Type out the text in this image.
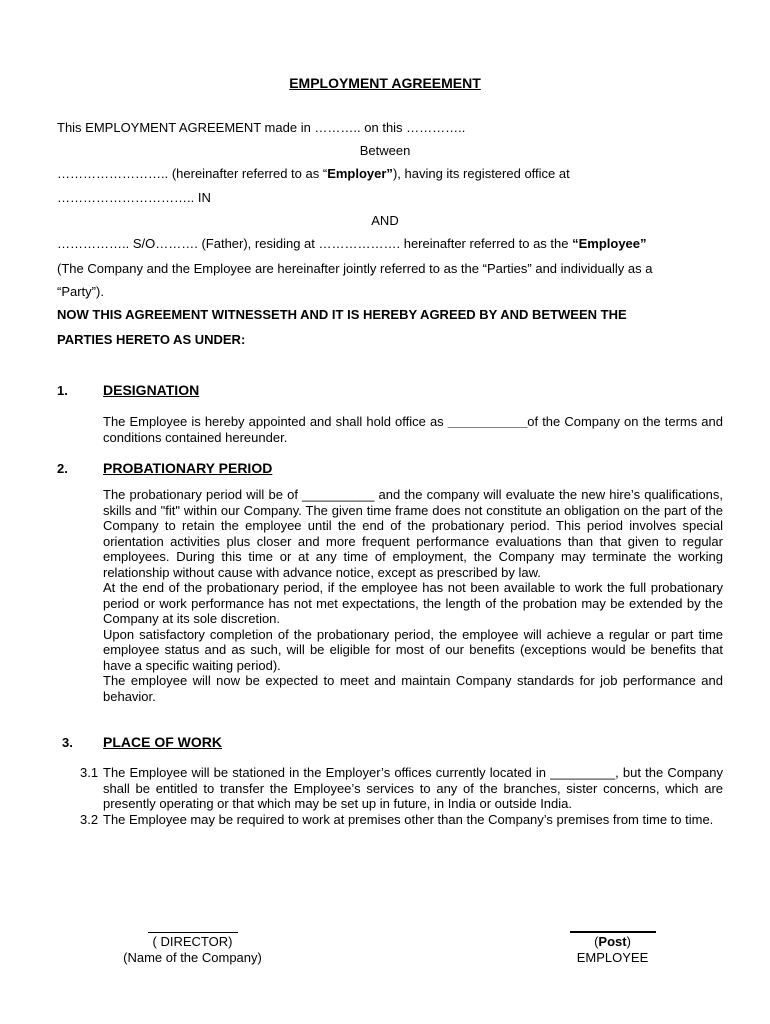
EMPLOYMENT AGREEMENT
This EMPLOYMENT AGREEMENT made in ……….. on this …………..
Between
…………………….. (hereinafter referred to as “Employer”), having its registered office at
………………………….. IN
AND
…………….. S/O………. (Father), residing at ………………. hereinafter referred to as the “Employee”
(The Company and the Employee are hereinafter jointly referred to as the “Parties” and individually as a
“Party”).
NOW THIS AGREEMENT WITNESSETH AND IT IS HEREBY AGREED BY AND BETWEEN THE
PARTIES HERETO AS UNDER:
1.	DESIGNATION
The Employee is hereby appointed and shall hold office as ___________of the Company on the terms and conditions contained hereunder.
2.	PROBATIONARY PERIOD

The probationary period will be of __________ and the company will evaluate the new hire’s qualifications, skills and "fit" within our Company. The given time frame does not constitute an obligation on the part of the Company to retain the employee until the end of the probationary period. This period involves special orientation activities plus closer and more frequent performance evaluations than that given to regular employees. During this time or at any time of employment, the Company may terminate the working relationship without cause with advance notice, except as prescribed by law.

At the end of the probationary period, if the employee has not been available to work the full probationary period or work performance has not met expectations, the length of the probation may be extended by the Company at its sole discretion.

Upon satisfactory completion of the probationary period, the employee will achieve a regular or part time employee status and as such, will be eligible for most of our benefits (exceptions would be benefits that have a specific waiting period).

The employee will now be expected to meet and maintain Company standards for job performance and behavior.

3. PLACE OF WORK
3.1 The Employee will be stationed in the Employer’s offices currently located in _________, but the Company shall be entitled to transfer the Employee’s services to any of the branches, sister concerns, which are presently operating or that which may be set up in future, in India or outside India.
3.2 The Employee may be required to work at premises other than the Company’s premises from time to time.
( DIRECTOR)
(Name of the Company)
(Post)
EMPLOYEE
